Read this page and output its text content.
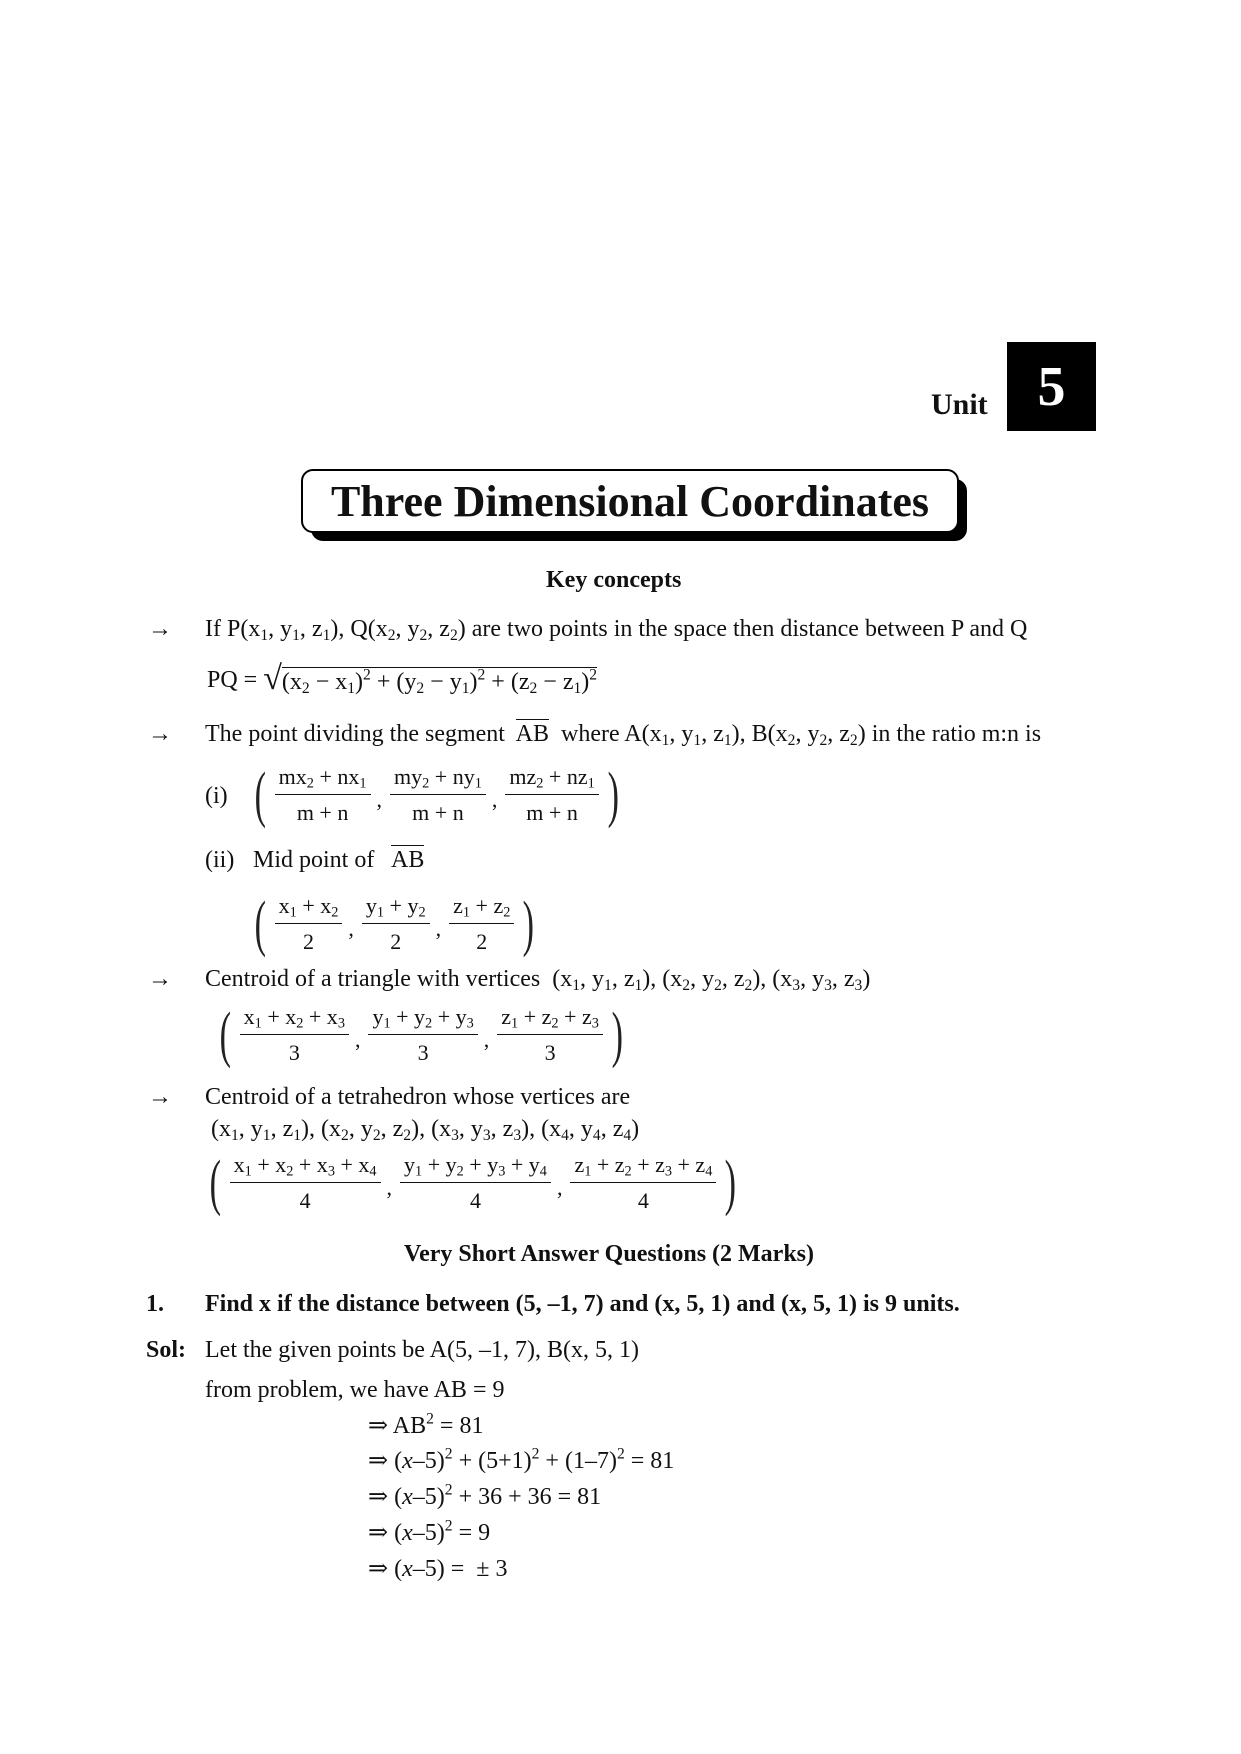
Unit 5
Three Dimensional Coordinates
Key concepts
→ If $P(x_1$, $y_1$, $z_1$), $Q(x_2$, $y_2$, $z_2$) are two points in the space then distance between P and Q
PQ = √ $(x_2 - x_1)^2 + (y_2 - y_1)^2 + (z_2 - z_1)^2$
→ The point dividing the segment AB  where $A(x_1$, $y_1$, $z_1$), $B(x_2$, $y_2$, $z_2$) in the ratio m:n is
(i) ( $\frac{mx_2 + nx_1}{m + n}$ , $\frac{my_2 + ny_1}{m + n}$ , $\frac{mz_2 + nz_1}{m + n}$ )
(ii) Mid point of AB
( $\frac{x_1 + x_2}{2}$ , $\frac{y_1 + y_2}{2}$ , $\frac{z_1 + z_2}{2}$ )
→ Centroid of a triangle with vertices  ($x_1$, $y_1$, $z_1$), ($x_2$, $y_2$, $z_2$), ($x_3$, $y_3$, $z_3$)
( $\frac{x_1 + x_2 + x_3}{3}$ , $\frac{y_1 + y_2 + y_3}{3}$ , $\frac{z_1 + z_2 + z_3}{3}$ )
→ Centroid of a tetrahedron whose vertices are
($x_1$, $y_1$, $z_1$), ($x_2$, $y_2$, $z_2$), ($x_3$, $y_3$, $z_3$), ($x_4$, $y_4$, $z_4$)
( $\frac{x_1 + x_2 + x_3 + x_4}{4}$ , $\frac{y_1 + y_2 + y_3 + y_4}{4}$ , $\frac{z_1 + z_2 + z_3 + z_4}{4}$ )
Very Short Answer Questions (2 Marks)
1. Find x if the distance between (5, –1, 7) and (x, 5, 1) and (x, 5, 1) is 9 units.
Sol: Let the given points be A(5, –1, 7), B(x, 5, 1)
from problem, we have AB = 9
⇒ $AB^2 = 81$
⇒ $(x-5)^2 + (5+1)^2 + (1-7)^2 = 81$
⇒ $(x-5)^2 + 36 + 36 = 81$
⇒ $(x-5)^2 = 9$
⇒ (x–5) =  ± 3
